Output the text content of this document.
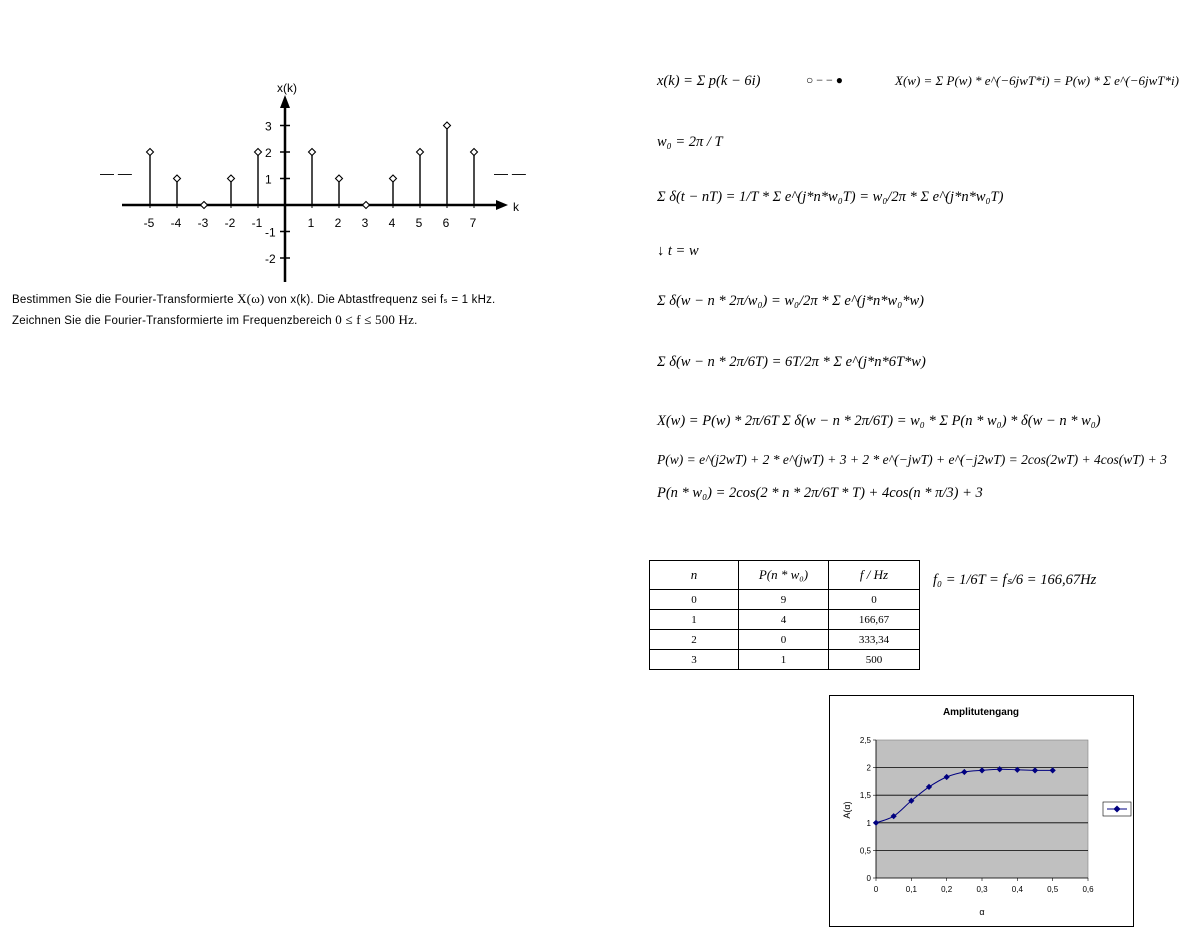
x(k)
k
— —	— —
-5 -4 -3 -2 -1	1 2 3 4 5 6 7
3
2
1
-1
-2
Bestimmen Sie die Fourier-Transformierte X(ω) von x(k). Die Abtastfrequenz sei fₛ = 1 kHz.
Zeichnen Sie die Fourier-Transformierte im Frequenzbereich 0 ≤ f ≤ 500 Hz.
x(k) = Σ p(k − 6i)	○ − − ●	X(w) = Σ P(w) * e^(−6jwT*i) = P(w) * Σ e^(−6jwT*i)
w₀ = 2π / T
Σ δ(t − nT) = 1/T * Σ e^(j*n*w₀T) = w₀/2π * Σ e^(j*n*w₀T)
↓ t = w
Σ δ(w − n * 2π/w₀) = w₀/2π * Σ e^(j*n*w₀*w)
Σ δ(w − n * 2π/6T) = 6T/2π * Σ e^(j*n*6T*w)
X(w) = P(w) * 2π/6T Σ δ(w − n * 2π/6T) = w₀ * Σ P(n * w₀) * δ(w − n * w₀)
P(w) = e^(j2wT) + 2 * e^(jwT) + 3 + 2 * e^(−jwT) + e^(−j2wT) = 2cos(2wT) + 4cos(wT) + 3
P(n * w₀) = 2cos(2 * n * 2π/6T * T) + 4cos(n * π/3) + 3
f₀ = 1/6T = fₛ/6 = 166,67Hz
n	P(n * w₀)	f / Hz
0	9	0
1	4	166,67
2	0	333,34
3	1	500
Amplitutengang
A(α)
α
0
0,5
1
1,5
2
2,5
0	0,1	0,2	0,3	0,4	0,5	0,6
